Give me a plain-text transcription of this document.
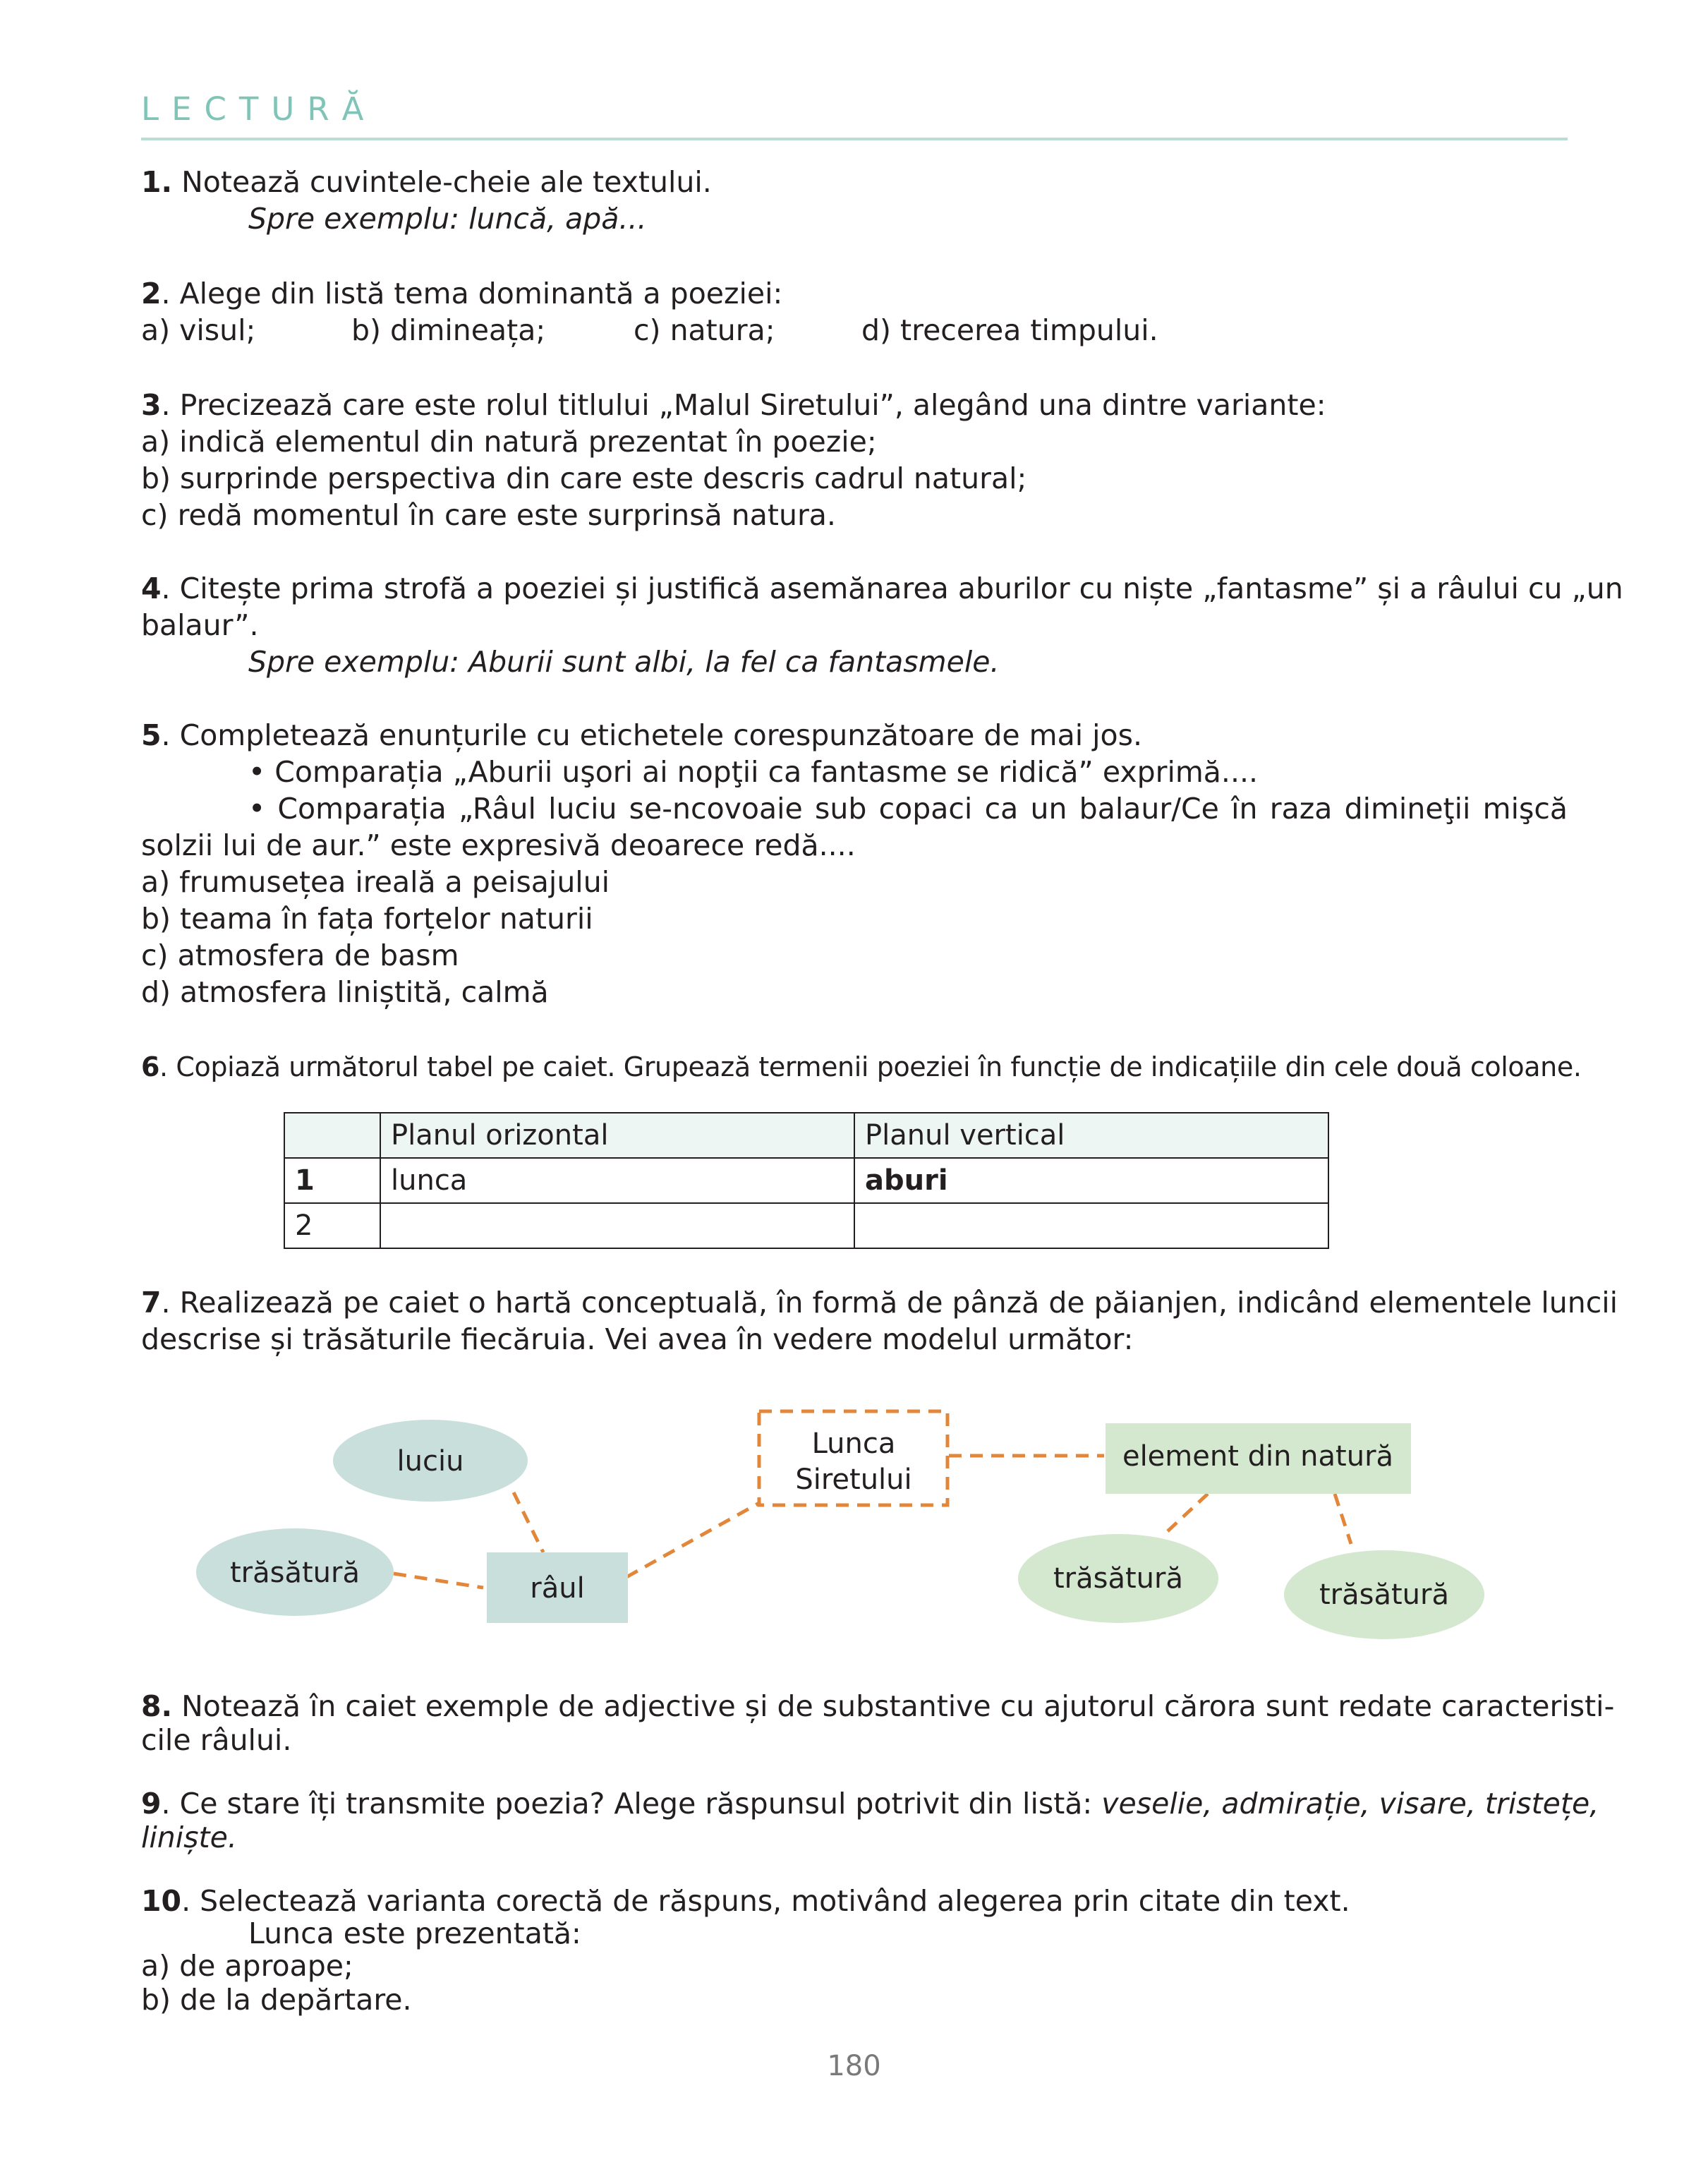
LECTURĂ
1. Notează cuvintele-cheie ale textului.
Spre exemplu: luncă, apă...
2. Alege din listă tema dominantă a poeziei:
a) visul;	b) dimineața;	c) natura;	d) trecerea timpului.
3. Precizează care este rolul titlului „Malul Siretului”, alegând una dintre variante:
a) indică elementul din natură prezentat în poezie;
b) surprinde perspectiva din care este descris cadrul natural;
c) redă momentul în care este surprinsă natura.
4. Citește prima strofă a poeziei și justifică asemănarea aburilor cu niște „fantasme” și a râului cu „un
balaur”.
Spre exemplu: Aburii sunt albi, la fel ca fantasmele.
5. Completează enunțurile cu etichetele corespunzătoare de mai jos.
• Comparația „Aburii uşori ai nopţii ca fantasme se ridică” exprimă....
• Comparația „Râul luciu se-ncovoaie sub copaci ca un balaur/Ce în raza dimineţii mişcă
solzii lui de aur.” este expresivă deoarece redă....
a) frumusețea ireală a peisajului
b) teama în fața forțelor naturii
c) atmosfera de basm
d) atmosfera liniștită, calmă
6. Copiază următorul tabel pe caiet. Grupează termenii poeziei în funcție de indicațiile din cele două coloane.
	Planul orizontal	Planul vertical
1	lunca	aburi
2		
7. Realizează pe caiet o hartă conceptuală, în formă de pânză de păianjen, indicând elementele luncii
descrise și trăsăturile fiecăruia. Vei avea în vedere modelul următor:
Lunca
Siretului
luciu
trăsătură	râul
element din natură
trăsătură	trăsătură
8. Notează în caiet exemple de adjective și de substantive cu ajutorul cărora sunt redate caracteristi-
cile râului.
9. Ce stare îți transmite poezia? Alege răspunsul potrivit din listă: veselie, admirație, visare, tristețe,
liniște.
10. Selectează varianta corectă de răspuns, motivând alegerea prin citate din text.
Lunca este prezentată:
a) de aproape;
b) de la depărtare.
180
